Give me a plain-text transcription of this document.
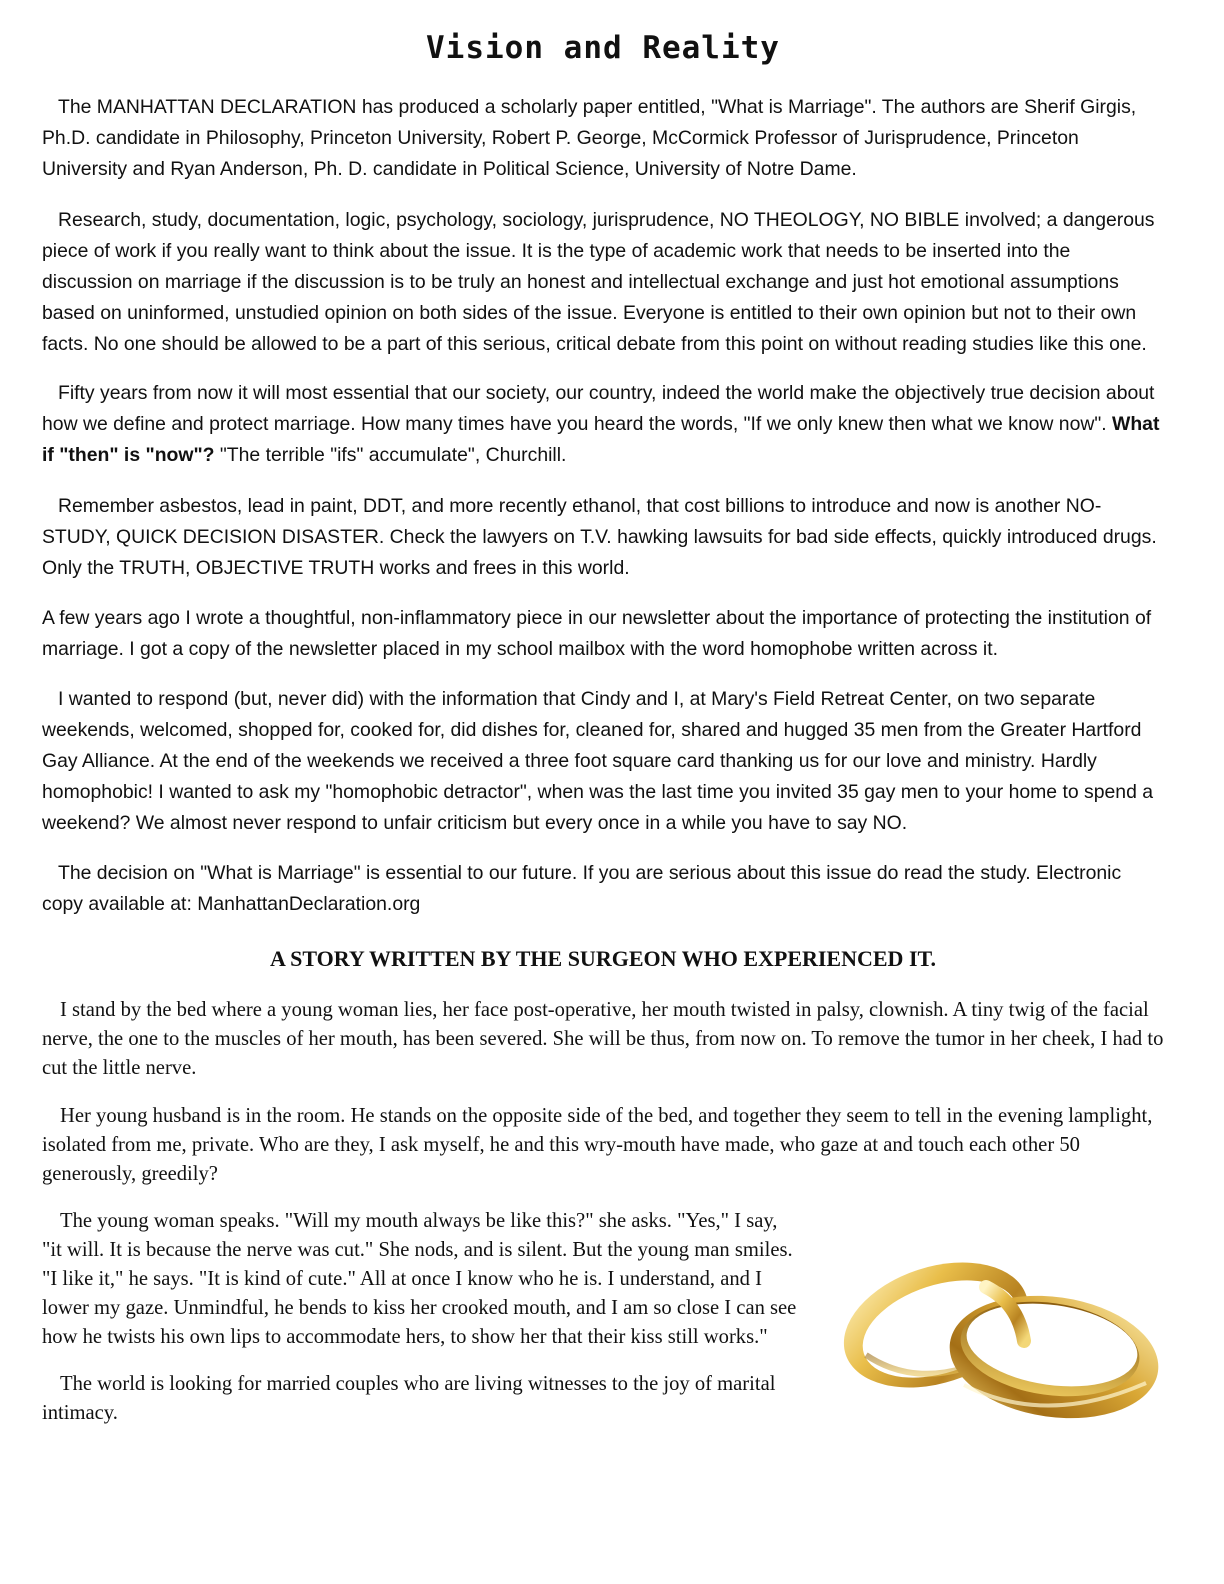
Vision and Reality

The MANHATTAN DECLARATION has produced a scholarly paper entitled, "What is Marriage". The authors are Sherif Girgis, Ph.D. candidate in Philosophy, Princeton University, Robert P. George, McCormick Professor of Jurisprudence, Princeton University and Ryan Anderson, Ph. D. candidate in Political Science, University of Notre Dame.

Research, study, documentation, logic, psychology, sociology, jurisprudence, NO THEOLOGY, NO BIBLE involved; a dangerous piece of work if you really want to think about the issue. It is the type of academic work that needs to be inserted into the discussion on marriage if the discussion is to be truly an honest and intellectual exchange and just hot emotional assumptions based on uninformed, unstudied opinion on both sides of the issue. Everyone is entitled to their own opinion but not to their own facts. No one should be allowed to be a part of this serious, critical debate from this point on without reading studies like this one.

Fifty years from now it will most essential that our society, our country, indeed the world make the objectively true decision about how we define and protect marriage. How many times have you heard the words, "If we only knew then what we know now". What if "then" is "now"? "The terrible "ifs" accumulate", Churchill.

Remember asbestos, lead in paint, DDT, and more recently ethanol, that cost billions to introduce and now is another NO-STUDY, QUICK DECISION DISASTER. Check the lawyers on T.V. hawking lawsuits for bad side effects, quickly introduced drugs. Only the TRUTH, OBJECTIVE TRUTH works and frees in this world.

A few years ago I wrote a thoughtful, non-inflammatory piece in our newsletter about the importance of protecting the institution of marriage. I got a copy of the newsletter placed in my school mailbox with the word homophobe written across it.

I wanted to respond (but, never did) with the information that Cindy and I, at Mary's Field Retreat Center, on two separate weekends, welcomed, shopped for, cooked for, did dishes for, cleaned for, shared and hugged 35 men from the Greater Hartford Gay Alliance. At the end of the weekends we received a three foot square card thanking us for our love and ministry. Hardly homophobic! I wanted to ask my "homophobic detractor", when was the last time you invited 35 gay men to your home to spend a weekend? We almost never respond to unfair criticism but every once in a while you have to say NO.

The decision on "What is Marriage" is essential to our future. If you are serious about this issue do read the study. Electronic copy available at: ManhattanDeclaration.org

A STORY WRITTEN BY THE SURGEON WHO EXPERIENCED IT.

I stand by the bed where a young woman lies, her face post-operative, her mouth twisted in palsy, clownish. A tiny twig of the facial nerve, the one to the muscles of her mouth, has been severed. She will be thus, from now on. To remove the tumor in her cheek, I had to cut the little nerve.

Her young husband is in the room. He stands on the opposite side of the bed, and together they seem to tell in the evening lamplight, isolated from me, private. Who are they, I ask myself, he and this wry-mouth have made, who gaze at and touch each other 50 generously, greedily?

The young woman speaks. "Will my mouth always be like this?" she asks. "Yes," I say, "it will. It is because the nerve was cut." She nods, and is silent. But the young man smiles. "I like it," he says. "It is kind of cute." All at once I know who he is. I understand, and I lower my gaze. Unmindful, he bends to kiss her crooked mouth, and I am so close I can see how he twists his own lips to accommodate hers, to show her that their kiss still works."

The world is looking for married couples who are living witnesses to the joy of marital intimacy.
